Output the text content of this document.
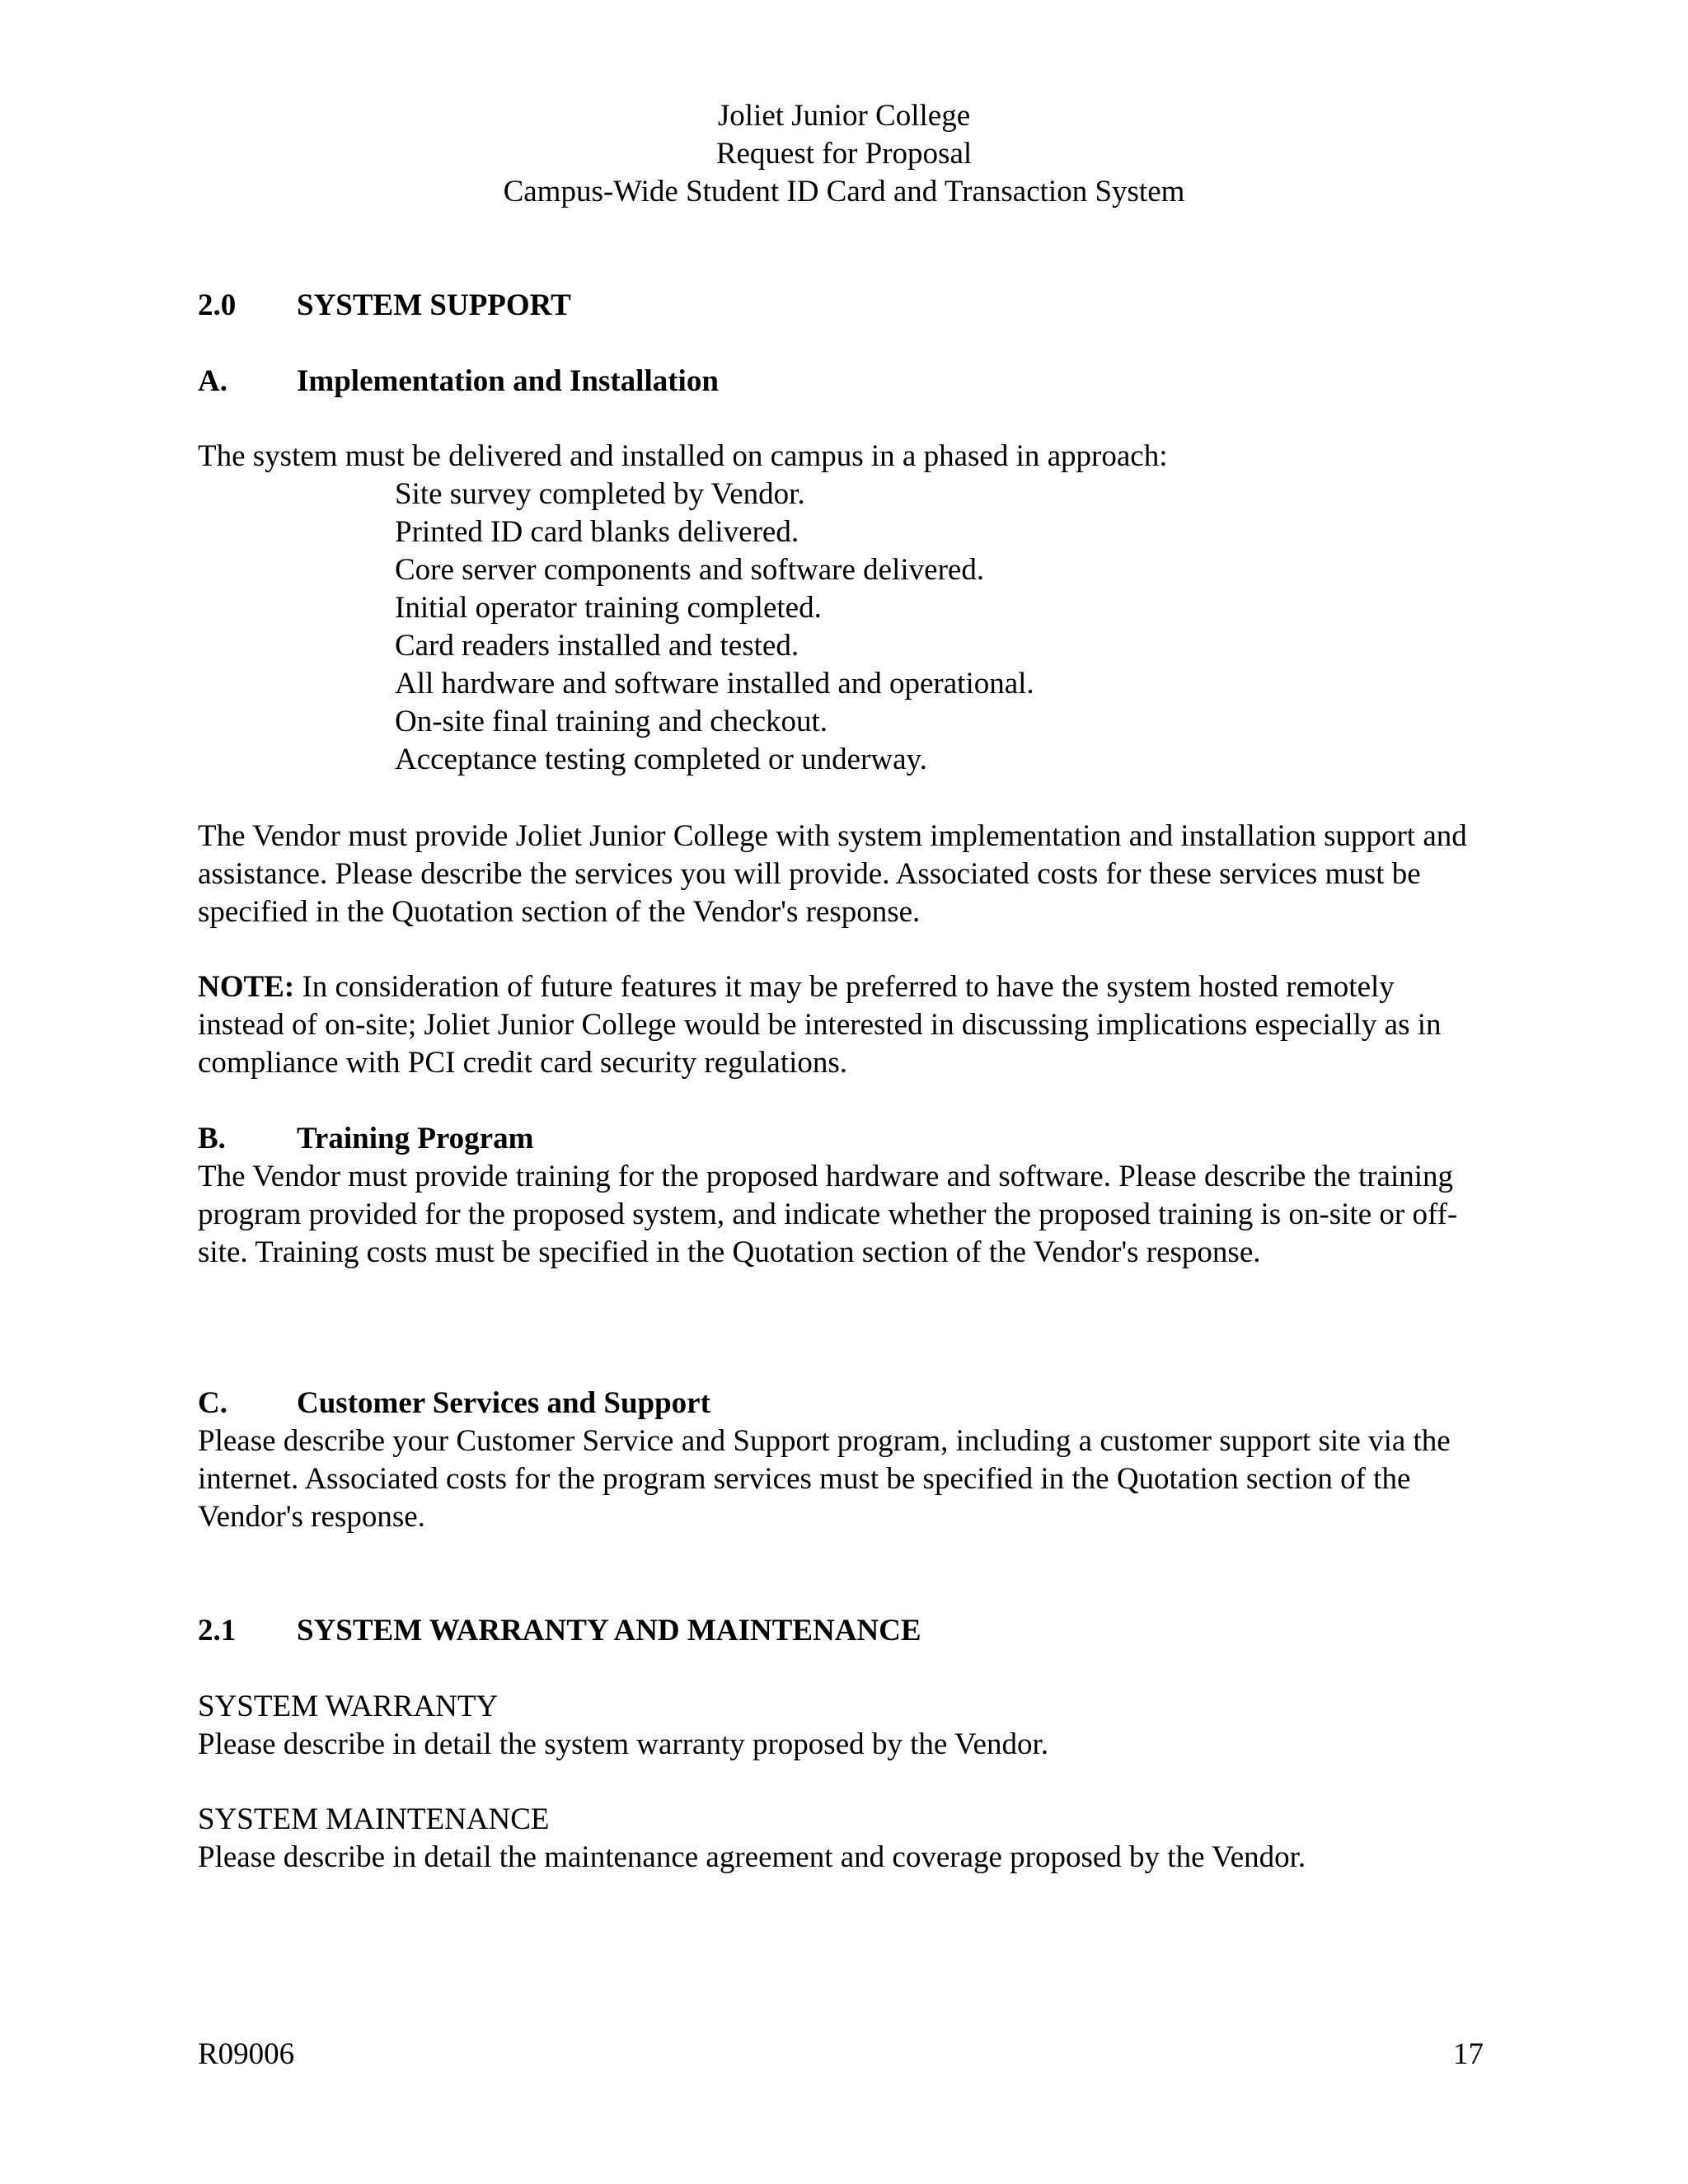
Joliet Junior College
Request for Proposal
Campus-Wide Student ID Card and Transaction System
2.0	SYSTEM SUPPORT
A.	Implementation and Installation

The system must be delivered and installed on campus in a phased in approach:

Site survey completed by Vendor.
Printed ID card blanks delivered.
Core server components and software delivered.
Initial operator training completed.
Card readers installed and tested.
All hardware and software installed and operational.
On-site final training and checkout.
Acceptance testing completed or underway.

The Vendor must provide Joliet Junior College with system implementation and installation support and assistance. Please describe the services you will provide. Associated costs for these services must be specified in the Quotation section of the Vendor's response.

NOTE: In consideration of future features it may be preferred to have the system hosted remotely instead of on-site; Joliet Junior College would be interested in discussing implications especially as in compliance with PCI credit card security regulations.

B.	Training Program

The Vendor must provide training for the proposed hardware and software. Please describe the training program provided for the proposed system, and indicate whether the proposed training is on-site or off-site. Training costs must be specified in the Quotation section of the Vendor's response.

C.	Customer Services and Support

Please describe your Customer Service and Support program, including a customer support site via the internet. Associated costs for the program services must be specified in the Quotation section of the Vendor's response.

2.1	SYSTEM WARRANTY AND MAINTENANCE
SYSTEM WARRANTY
Please describe in detail the system warranty proposed by the Vendor.
SYSTEM MAINTENANCE
Please describe in detail the maintenance agreement and coverage proposed by the Vendor.
R09006	17
